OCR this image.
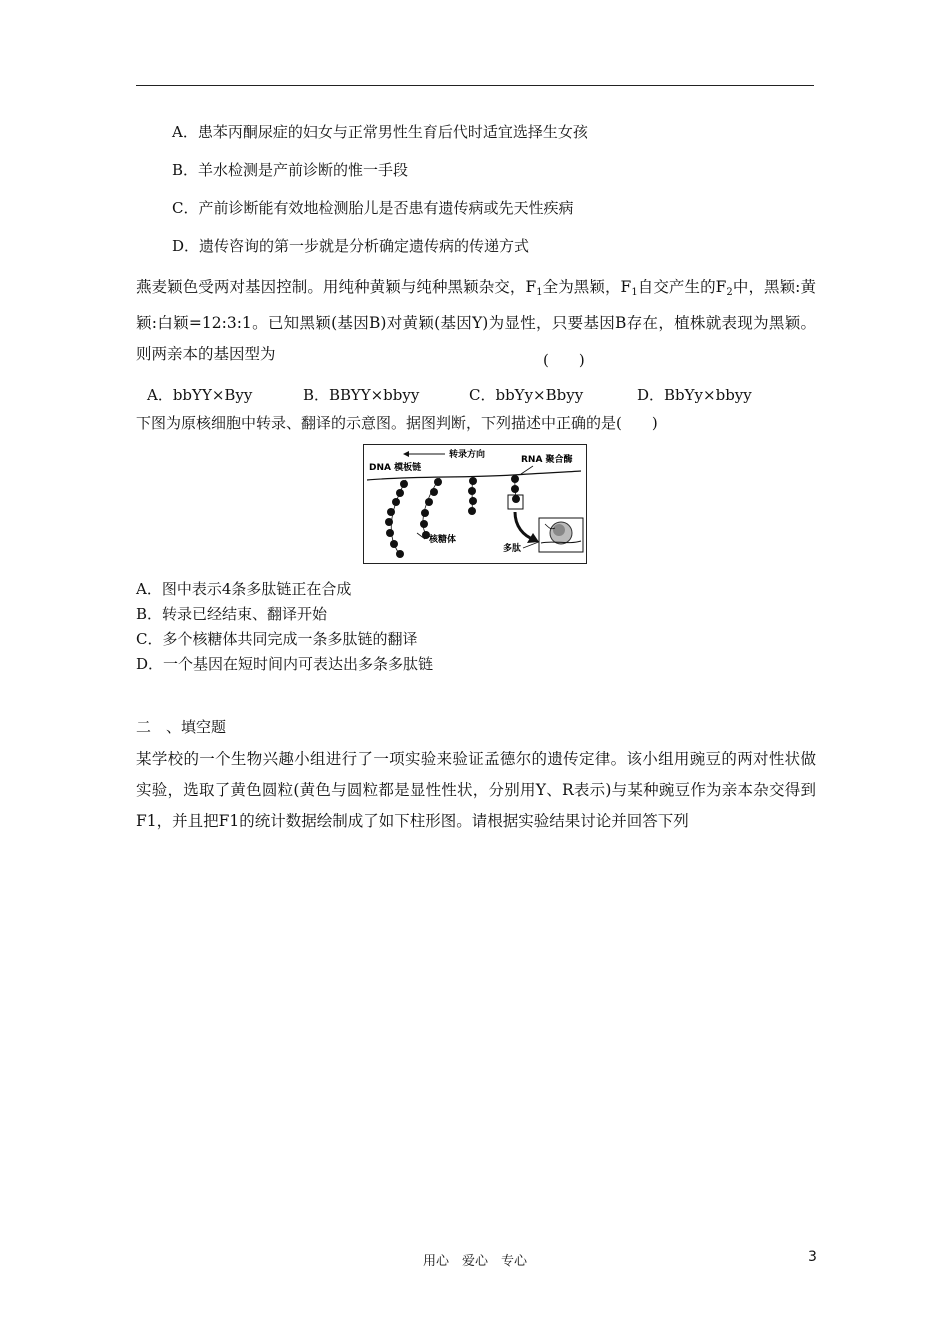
A．患苯丙酮尿症的妇女与正常男性生育后代时适宜选择生女孩
B．羊水检测是产前诊断的惟一手段
C．产前诊断能有效地检测胎儿是否患有遗传病或先天性疾病
D．遗传咨询的第一步就是分析确定遗传病的传递方式
燕麦颖色受两对基因控制。用纯种黄颖与纯种黑颖杂交，$F_1$全为黑颖，$F_1$自交产生的$F_2$中，黑颖:黄颖:白颖=12:3:1。已知黑颖(基因B)对黄颖(基因Y)为显性，只要基因B存在，植株就表现为黑颖。则两亲本的基因型为	(　　)
A．bbYY×Byy	B．BBYY×bbyy	C．bbYy×Bbyy	D．BbYy×bbyy
下图为原核细胞中转录、翻译的示意图。据图判断，下列描述中正确的是(　　)
转录方向
DNA 模板链
RNA 聚合酶
核糖体
多肽
A．图中表示4条多肽链正在合成
B．转录已经结束、翻译开始
C．多个核糖体共同完成一条多肽链的翻译
D．一个基因在短时间内可表达出多条多肽链
二　、填空题
某学校的一个生物兴趣小组进行了一项实验来验证孟德尔的遗传定律。该小组用豌豆的两对性状做实验，选取了黄色圆粒(黄色与圆粒都是显性性状，分别用Y、R表示)与某种豌豆作为亲本杂交得到F1，并且把F1的统计数据绘制成了如下柱形图。请根据实验结果讨论并回答下列
用心　爱心　专心	3
